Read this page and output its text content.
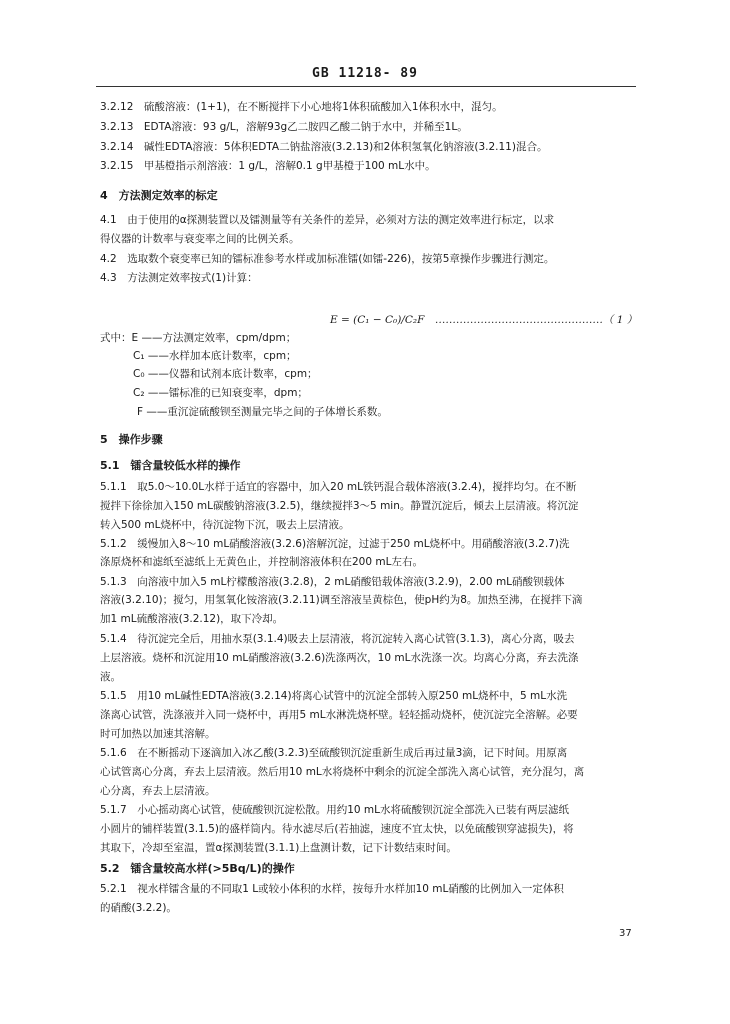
GB 11218- 89
3.2.12　硫酸溶液：(1+1)，在不断搅拌下小心地将1体积硫酸加入1体积水中，混匀。
3.2.13　EDTA溶液：93 g/L，溶解93g乙二胺四乙酸二钠于水中，并稀至1L。
3.2.14　碱性EDTA溶液：5体积EDTA二钠盐溶液(3.2.13)和2体积氢氧化钠溶液(3.2.11)混合。
3.2.15　甲基橙指示剂溶液：1 g/L，溶解0.1 g甲基橙于100 mL水中。
4　方法测定效率的标定
4.1　由于使用的α探测装置以及镭测量等有关条件的差异，必须对方法的测定效率进行标定，以求
得仪器的计数率与衰变率之间的比例关系。
4.2　选取数个衰变率已知的镭标准参考水样或加标准镭(如镭-226)，按第5章操作步骤进行测定。
4.3　方法测定效率按式(1)计算：
E = (C₁ − C₀)/C₂F　…………………………………………（ 1 ）
式中：E ——方法测定效率，cpm/dpm；
C₁ ——水样加本底计数率，cpm；
C₀ ——仪器和试剂本底计数率，cpm；
C₂ ——镭标准的已知衰变率，dpm；
F ——重沉淀硫酸钡至测量完毕之间的子体增长系数。
5　操作步骤
5.1　镭含量较低水样的操作
5.1.1　取5.0～10.0L水样于适宜的容器中，加入20 mL铁钙混合载体溶液(3.2.4)，搅拌均匀。在不断
搅拌下徐徐加入150 mL碳酸钠溶液(3.2.5)，继续搅拌3～5 min。静置沉淀后，倾去上层清液。将沉淀
转入500 mL烧杯中，待沉淀物下沉，吸去上层清液。
5.1.2　缓慢加入8～10 mL硝酸溶液(3.2.6)溶解沉淀，过滤于250 mL烧杯中。用硝酸溶液(3.2.7)洗
涤原烧杯和滤纸至滤纸上无黄色止，并控制溶液体积在200 mL左右。
5.1.3　向溶液中加入5 mL柠檬酸溶液(3.2.8)，2 mL硝酸铅载体溶液(3.2.9)，2.00 mL硝酸钡载体
溶液(3.2.10)；搅匀，用氢氧化铵溶液(3.2.11)调至溶液呈黄棕色，使pH约为8。加热至沸，在搅拌下滴
加1 mL硫酸溶液(3.2.12)，取下冷却。
5.1.4　待沉淀完全后，用抽水泵(3.1.4)吸去上层清液，将沉淀转入离心试管(3.1.3)，离心分离，吸去
上层溶液。烧杯和沉淀用10 mL硝酸溶液(3.2.6)洗涤两次，10 mL水洗涤一次。均离心分离，弃去洗涤
液。
5.1.5　用10 mL碱性EDTA溶液(3.2.14)将离心试管中的沉淀全部转入原250 mL烧杯中，5 mL水洗
涤离心试管，洗涤液并入同一烧杯中，再用5 mL水淋洗烧杯壁。轻轻摇动烧杯，使沉淀完全溶解。必要
时可加热以加速其溶解。
5.1.6　在不断摇动下逐滴加入冰乙酸(3.2.3)至硫酸钡沉淀重新生成后再过量3滴，记下时间。用原离
心试管离心分离，弃去上层清液。然后用10 mL水将烧杯中剩余的沉淀全部洗入离心试管，充分混匀，离
心分离，弃去上层清液。
5.1.7　小心摇动离心试管，使硫酸钡沉淀松散。用约10 mL水将硫酸钡沉淀全部洗入已装有两层滤纸
小圆片的铺样装置(3.1.5)的盛样筒内。待水滤尽后(若抽滤，速度不宜太快，以免硫酸钡穿滤损失)，将
其取下，冷却至室温，置α探测装置(3.1.1)上盘测计数，记下计数结束时间。
5.2　镭含量较高水样(>5Bq/L)的操作
5.2.1　视水样镭含量的不同取1 L或较小体积的水样，按每升水样加10 mL硝酸的比例加入一定体积
的硝酸(3.2.2)。
37
